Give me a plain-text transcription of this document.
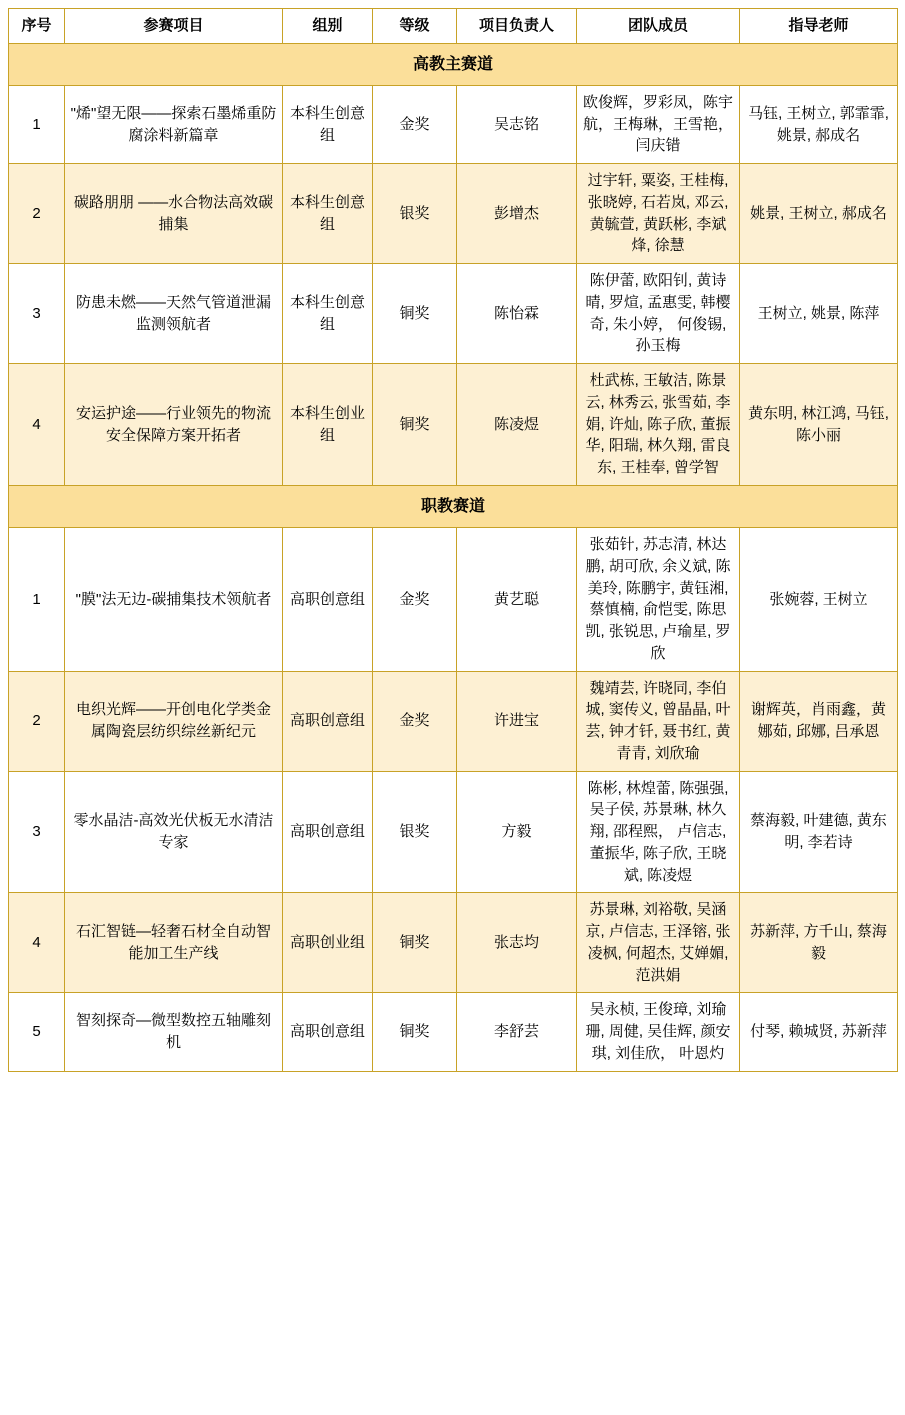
序号	参赛项目	组别	等级	项目负责人	团队成员	指导老师
高教主赛道						
1	"烯"望无限——探索石墨烯重防腐涂料新篇章	本科生创意组	金奖	吴志铭	欧俊辉，罗彩凤，陈宇航，王梅琳，王雪艳，闫庆错	马钰, 王树立, 郭霏霏, 姚景, 郝成名
2	碳路朋朋 ——水合物法高效碳捕集	本科生创意组	银奖	彭增杰	过宇轩, 粟姿, 王桂梅, 张晓婷, 石若岚, 邓云, 黄毓萱, 黄跃彬, 李斌烽, 徐慧	姚景, 王树立, 郝成名
3	防患未燃——天然气管道泄漏监测领航者	本科生创意组	铜奖	陈怡霖	陈伊蕾, 欧阳钊, 黄诗晴, 罗煊, 孟惠雯, 韩樱奇, 朱小婷， 何俊锡, 孙玉梅	王树立, 姚景, 陈萍
4	安运护途——行业领先的物流安全保障方案开拓者	本科生创业组	铜奖	陈凌煜	杜武栋, 王敏洁, 陈景云, 林秀云, 张雪茹, 李娟, 许灿, 陈子欣, 董振华, 阳瑞, 林久翔, 雷良东, 王桂奉, 曾学智	黄东明, 林江鸿, 马钰, 陈小丽
职教赛道						
1	"膜"法无边-碳捕集技术领航者	高职创意组	金奖	黄艺聪	张茹针, 苏志清, 林达鹏, 胡可欣, 余义斌, 陈美玲, 陈鹏宇, 黄钰湘, 蔡慎楠, 俞恺雯, 陈思凯, 张锐思, 卢瑜星, 罗欣	张婉蓉, 王树立
2	电织光辉——开创电化学类金属陶瓷层纺织综丝新纪元	高职创意组	金奖	许进宝	魏靖芸, 许晓同, 李伯城, 窦传义, 曾晶晶, 叶芸, 钟才钎, 聂书红, 黄青青, 刘欣瑜	谢辉英，肖雨鑫，黄娜茹, 邱娜, 吕承恩
3	零水晶洁-高效光伏板无水清洁专家	高职创意组	银奖	方毅	陈彬, 林煌蕾, 陈强强, 吴子侯, 苏景琳, 林久翔, 邵程熙， 卢信志, 董振华, 陈子欣, 王晓斌, 陈凌煜	蔡海毅, 叶建德, 黄东明, 李若诗
4	石汇智链—轻奢石材全自动智能加工生产线	高职创业组	铜奖	张志均	苏景琳, 刘裕敬, 吴涵京, 卢信志, 王泽镕, 张凌枫, 何超杰, 艾婵媚, 范洪娟	苏新萍, 方千山, 蔡海毅
5	智刻探奇—微型数控五轴雕刻机	高职创意组	铜奖	李舒芸	吴永桢, 王俊璋, 刘瑜珊, 周健, 吴佳辉, 颜安琪, 刘佳欣， 叶恩灼	付琴, 赖城贤, 苏新萍
